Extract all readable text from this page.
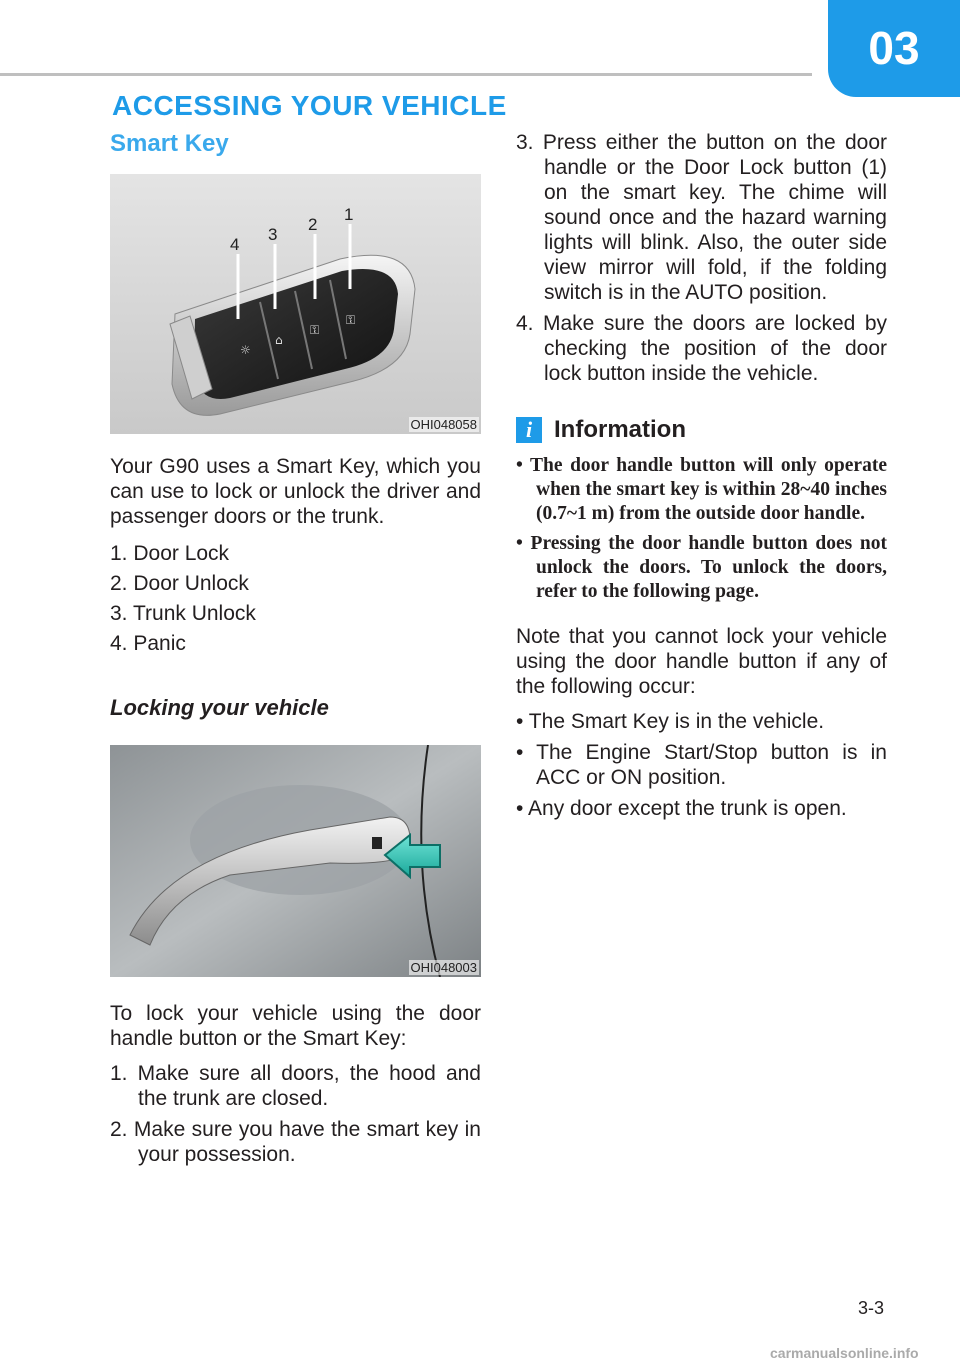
03
ACCESSING YOUR VEHICLE
Smart Key
☼
⌂
⚿
⚿
4
3
2
1
OHI048058

Your G90 uses a Smart Key, which you can use to lock or unlock the driver and passenger doors or the trunk.

1. Door Lock
2. Door Unlock
3. Trunk Unlock
4. Panic
Locking your vehicle
OHI048003

To lock your vehicle using the door handle button or the Smart Key:

1. Make sure all doors, the hood and the trunk are closed.
2. Make sure you have the smart key in your possession.
3. Press either the button on the door handle or the Door Lock button (1) on the smart key. The chime will sound once and the hazard warning lights will blink. Also, the outer side view mirror will fold, if the folding switch is in the AUTO position.
4. Make sure the doors are locked by checking the position of the door lock button inside the vehicle.
i Information
• The door handle button will only operate when the smart key is within 28~40 inches (0.7~1 m) from the outside door handle.
• Pressing the door handle button does not unlock the doors. To unlock the doors, refer to the following page.

Note that you cannot lock your vehicle using the door handle button if any of the following occur:

• The Smart Key is in the vehicle.
• The Engine Start/Stop button is in ACC or ON position.
• Any door except the trunk is open.
3-3
carmanualsonline.info
